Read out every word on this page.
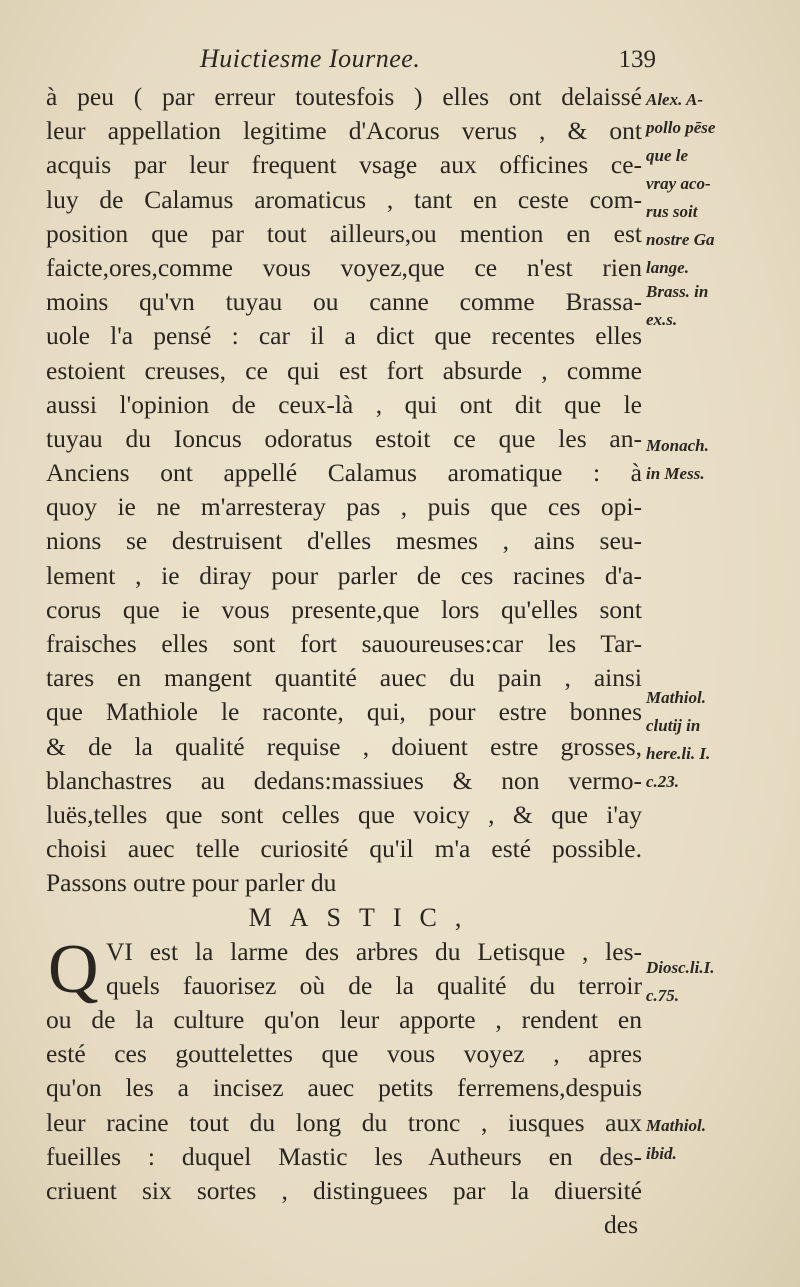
Huictiesme Iournee.	139
à peu ( par erreur toutesfois ) elles ont delaissé
leur appellation legitime d'Acorus verus , & ont
acquis par leur frequent vsage aux officines ce-
luy de Calamus aromaticus , tant en ceste com-
position que par tout ailleurs,ou mention en est
faicte,ores,comme vous voyez,que ce n'est rien
moins qu'vn tuyau ou canne comme Brassa-
uole l'a pensé : car il a dict que recentes elles
estoient creuses, ce qui est fort absurde , comme
aussi l'opinion de ceux-là , qui ont dit que le
tuyau du Ioncus odoratus estoit ce que les an-
Anciens ont appellé Calamus aromatique : à
quoy ie ne m'arresteray pas , puis que ces opi-
nions se destruisent d'elles mesmes , ains seu-
lement , ie diray pour parler de ces racines d'a-
corus que ie vous presente,que lors qu'elles sont
fraisches elles sont fort sauoureuses:car les Tar-
tares en mangent quantité auec du pain , ainsi
que Mathiole le raconte, qui, pour estre bonnes
& de la qualité requise , doiuent estre grosses,
blanchastres au dedans:massiues & non vermo-
luës,telles que sont celles que voicy , & que i'ay
choisi auec telle curiosité qu'il m'a esté possible.
Passons outre pour parler du
MASTIC,
Q VI est la larme des arbres du Letisque , les-
quels fauorisez où de la qualité du terroir
ou de la culture qu'on leur apporte , rendent en
esté ces gouttelettes que vous voyez , apres
qu'on les a incisez auec petits ferremens,despuis
leur racine tout du long du tronc , iusques aux
fueilles : duquel Mastic les Autheurs en des-
criuent six sortes , distinguees par la diuersité
des
Alex. A-
pollo pēse
que le
vray aco-
rus soit
nostre Ga
lange.
Brass. in
ex.s.
Monach.
in Mess.
Mathiol.
clutij in
here.li. I.
c.23.
Diosc.li.I.
c.75.
Mathiol.
ibid.
